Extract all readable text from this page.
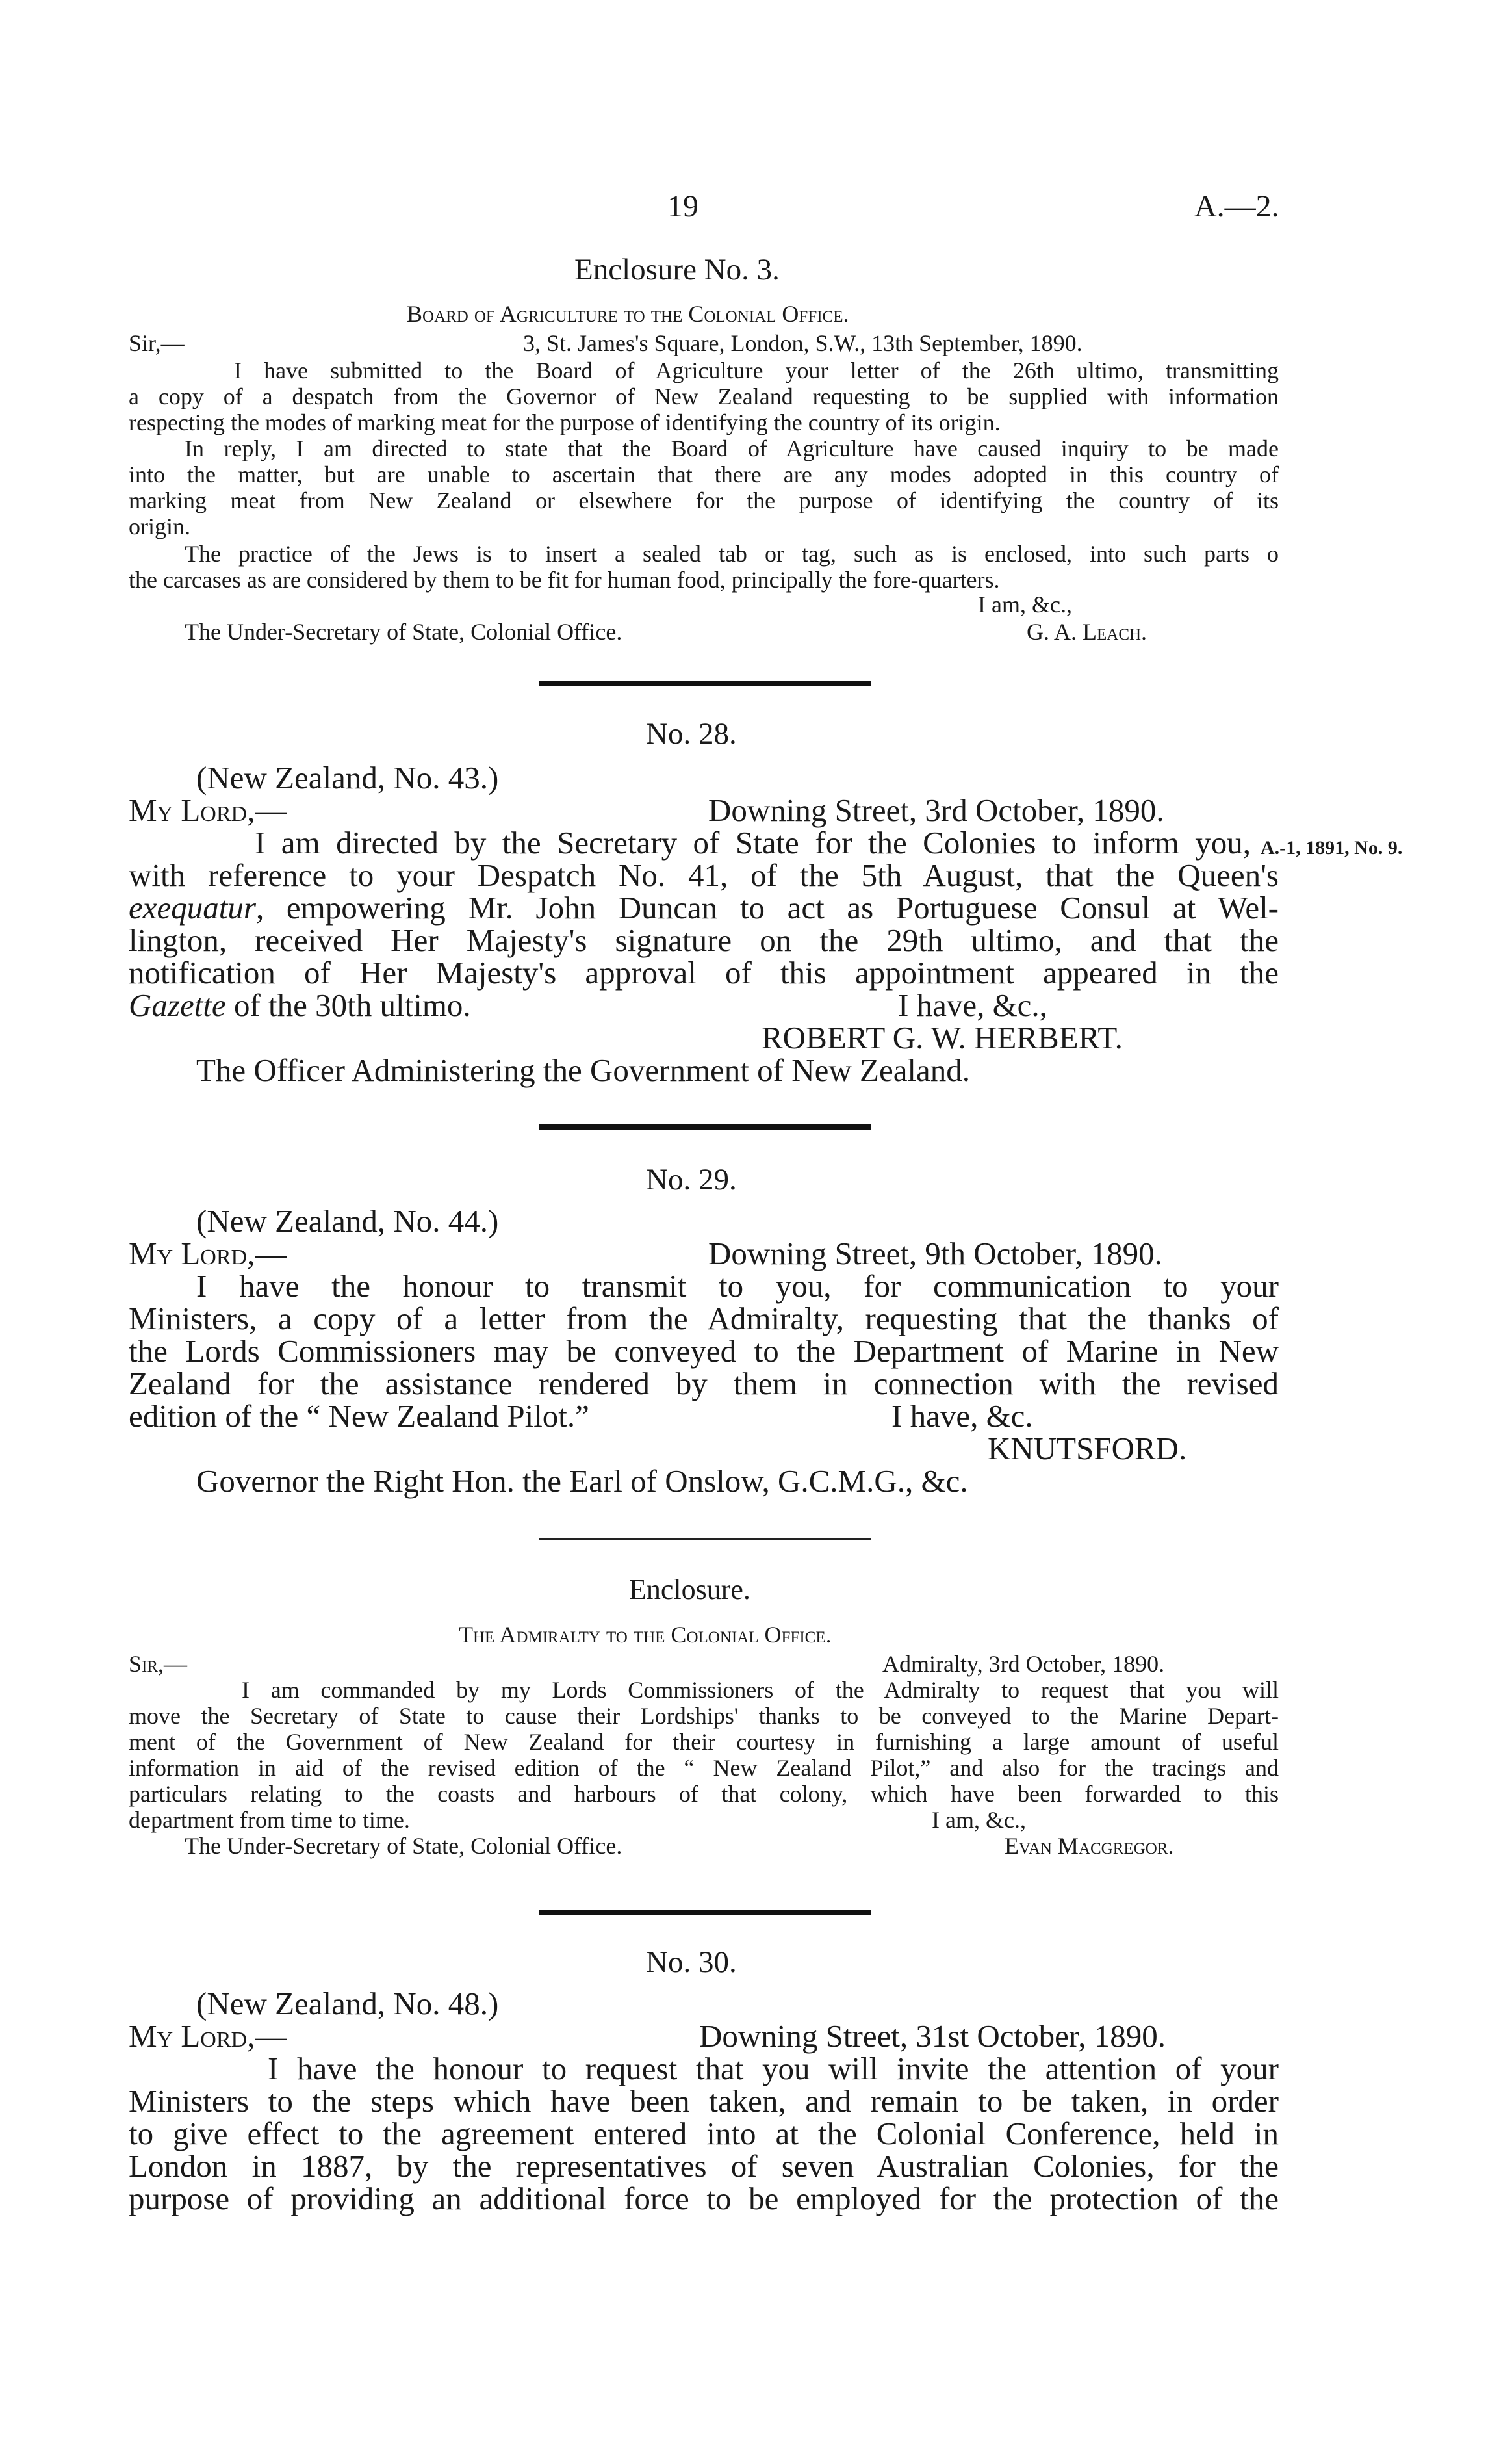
19	A.—2.
Enclosure No. 3.
Board of Agriculture to the Colonial Office.
Sir,—	3, St. James's Square, London, S.W., 13th September, 1890.
I have submitted to the Board of Agriculture your letter of the 26th ultimo, transmitting
a copy of a despatch from the Governor of New Zealand requesting to be supplied with information
respecting the modes of marking meat for the purpose of identifying the country of its origin.
In reply, I am directed to state that the Board of Agriculture have caused inquiry to be made
into the matter, but are unable to ascertain that there are any modes adopted in this country of
marking meat from New Zealand or elsewhere for the purpose of identifying the country of its
origin.
The practice of the Jews is to insert a sealed tab or tag, such as is enclosed, into such parts o
the carcases as are considered by them to be fit for human food, principally the fore-quarters.
I am, &c.,
The Under-Secretary of State, Colonial Office.	G. A. Leach.
No. 28.
(New Zealand, No. 43.)
My Lord,—	Downing Street, 3rd October, 1890.
I am directed by the Secretary of State for the Colonies to inform you, A.-1, 1891, No. 9.
with reference to your Despatch No. 41, of the 5th August, that the Queen's
exequatur, empowering Mr. John Duncan to act as Portuguese Consul at Wel-
lington, received Her Majesty's signature on the 29th ultimo, and that the
notification of Her Majesty's approval of this appointment appeared in the
Gazette of the 30th ultimo.	I have, &c.,
ROBERT G. W. HERBERT.
The Officer Administering the Government of New Zealand.
No. 29.
(New Zealand, No. 44.)
My Lord,—	Downing Street, 9th October, 1890.
I have the honour to transmit to you, for communication to your
Ministers, a copy of a letter from the Admiralty, requesting that the thanks of
the Lords Commissioners may be conveyed to the Department of Marine in New
Zealand for the assistance rendered by them in connection with the revised
edition of the “ New Zealand Pilot.”	I have, &c.
KNUTSFORD.
Governor the Right Hon. the Earl of Onslow, G.C.M.G., &c.
Enclosure.
The Admiralty to the Colonial Office.
Sir,—	Admiralty, 3rd October, 1890.
I am commanded by my Lords Commissioners of the Admiralty to request that you will
move the Secretary of State to cause their Lordships' thanks to be conveyed to the Marine Depart-
ment of the Government of New Zealand for their courtesy in furnishing a large amount of useful
information in aid of the revised edition of the “ New Zealand Pilot,” and also for the tracings and
particulars relating to the coasts and harbours of that colony, which have been forwarded to this
department from time to time.	I am, &c.,
The Under-Secretary of State, Colonial Office.	Evan Macgregor.
No. 30.
(New Zealand, No. 48.)
My Lord,—	Downing Street, 31st October, 1890.
I have the honour to request that you will invite the attention of your
Ministers to the steps which have been taken, and remain to be taken, in order
to give effect to the agreement entered into at the Colonial Conference, held in
London in 1887, by the representatives of seven Australian Colonies, for the
purpose of providing an additional force to be employed for the protection of the
